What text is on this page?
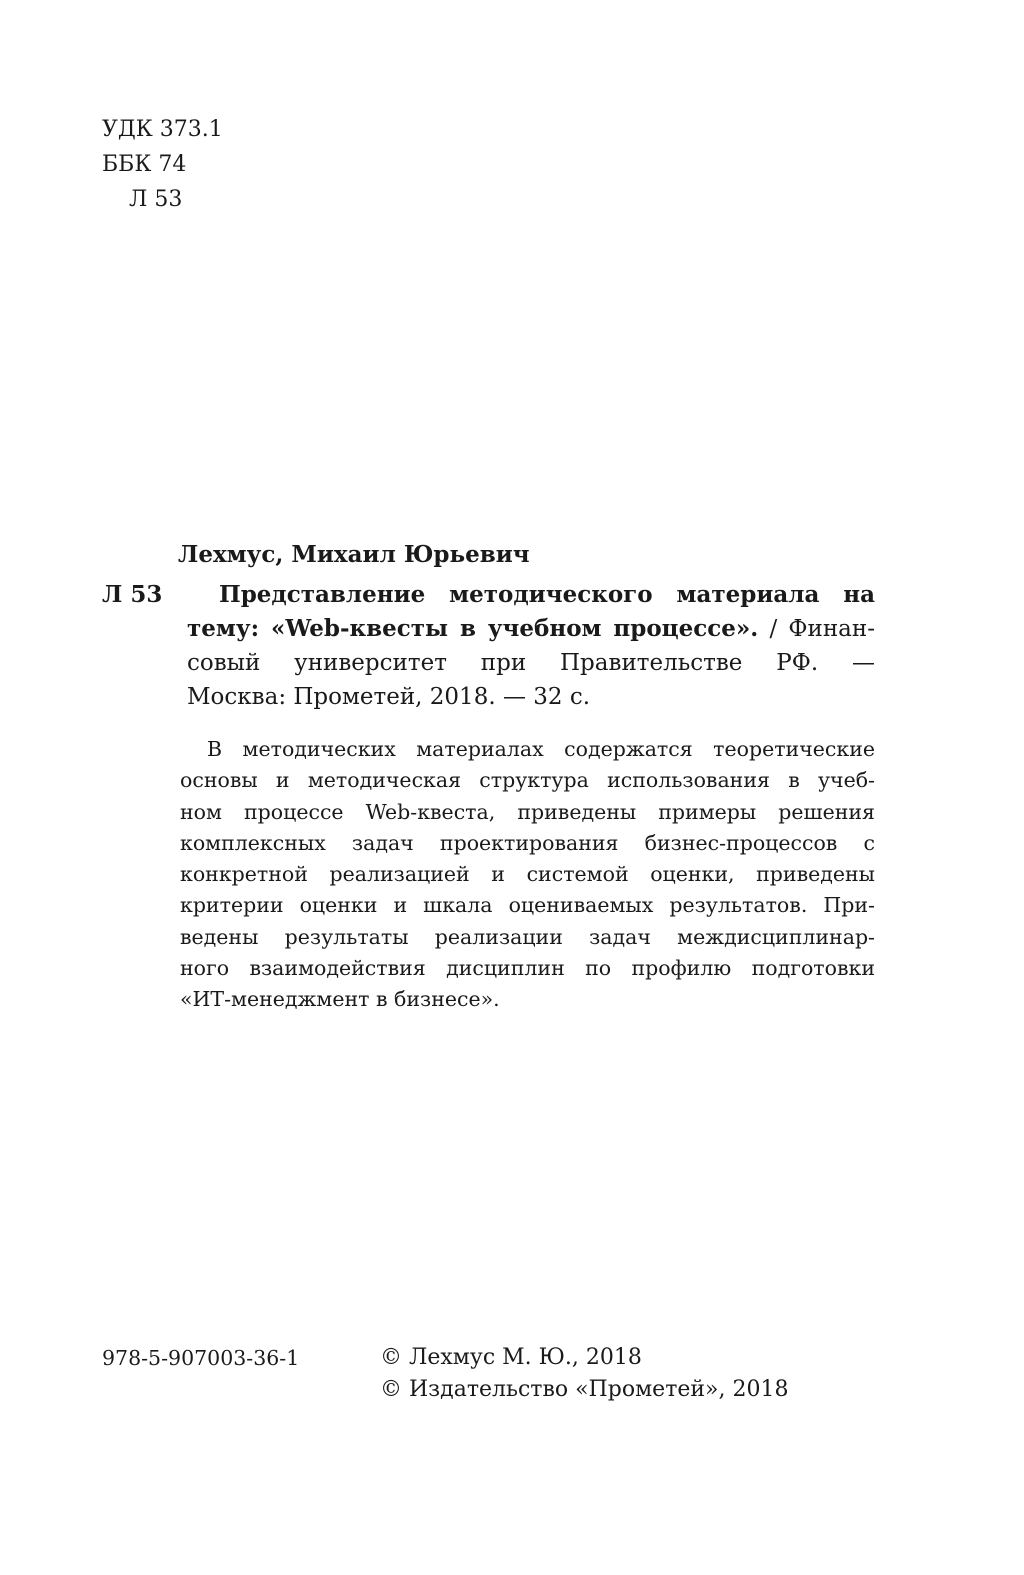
УДК 373.1
ББК 74
Л 53
Лехмус, Михаил Юрьевич
Л 53	Представление методического материала на
тему: «Web-квесты в учебном процессе». / Финан-
совый университет при Правительстве РФ. —
Москва: Прометей, 2018. — 32 с.
В методических материалах содержатся теоретические
основы и методическая структура использования в учеб-
ном процессе Web-квеста, приведены примеры решения
комплексных задач проектирования бизнес-процессов с
конкретной реализацией и системой оценки, приведены
критерии оценки и шкала оцениваемых результатов. При-
ведены результаты реализации задач междисциплинар-
ного взаимодействия дисциплин по профилю подготовки
«ИТ-менеджмент в бизнесе».
978-5-907003-36-1	© Лехмус М. Ю., 2018
© Издательство «Прометей», 2018
